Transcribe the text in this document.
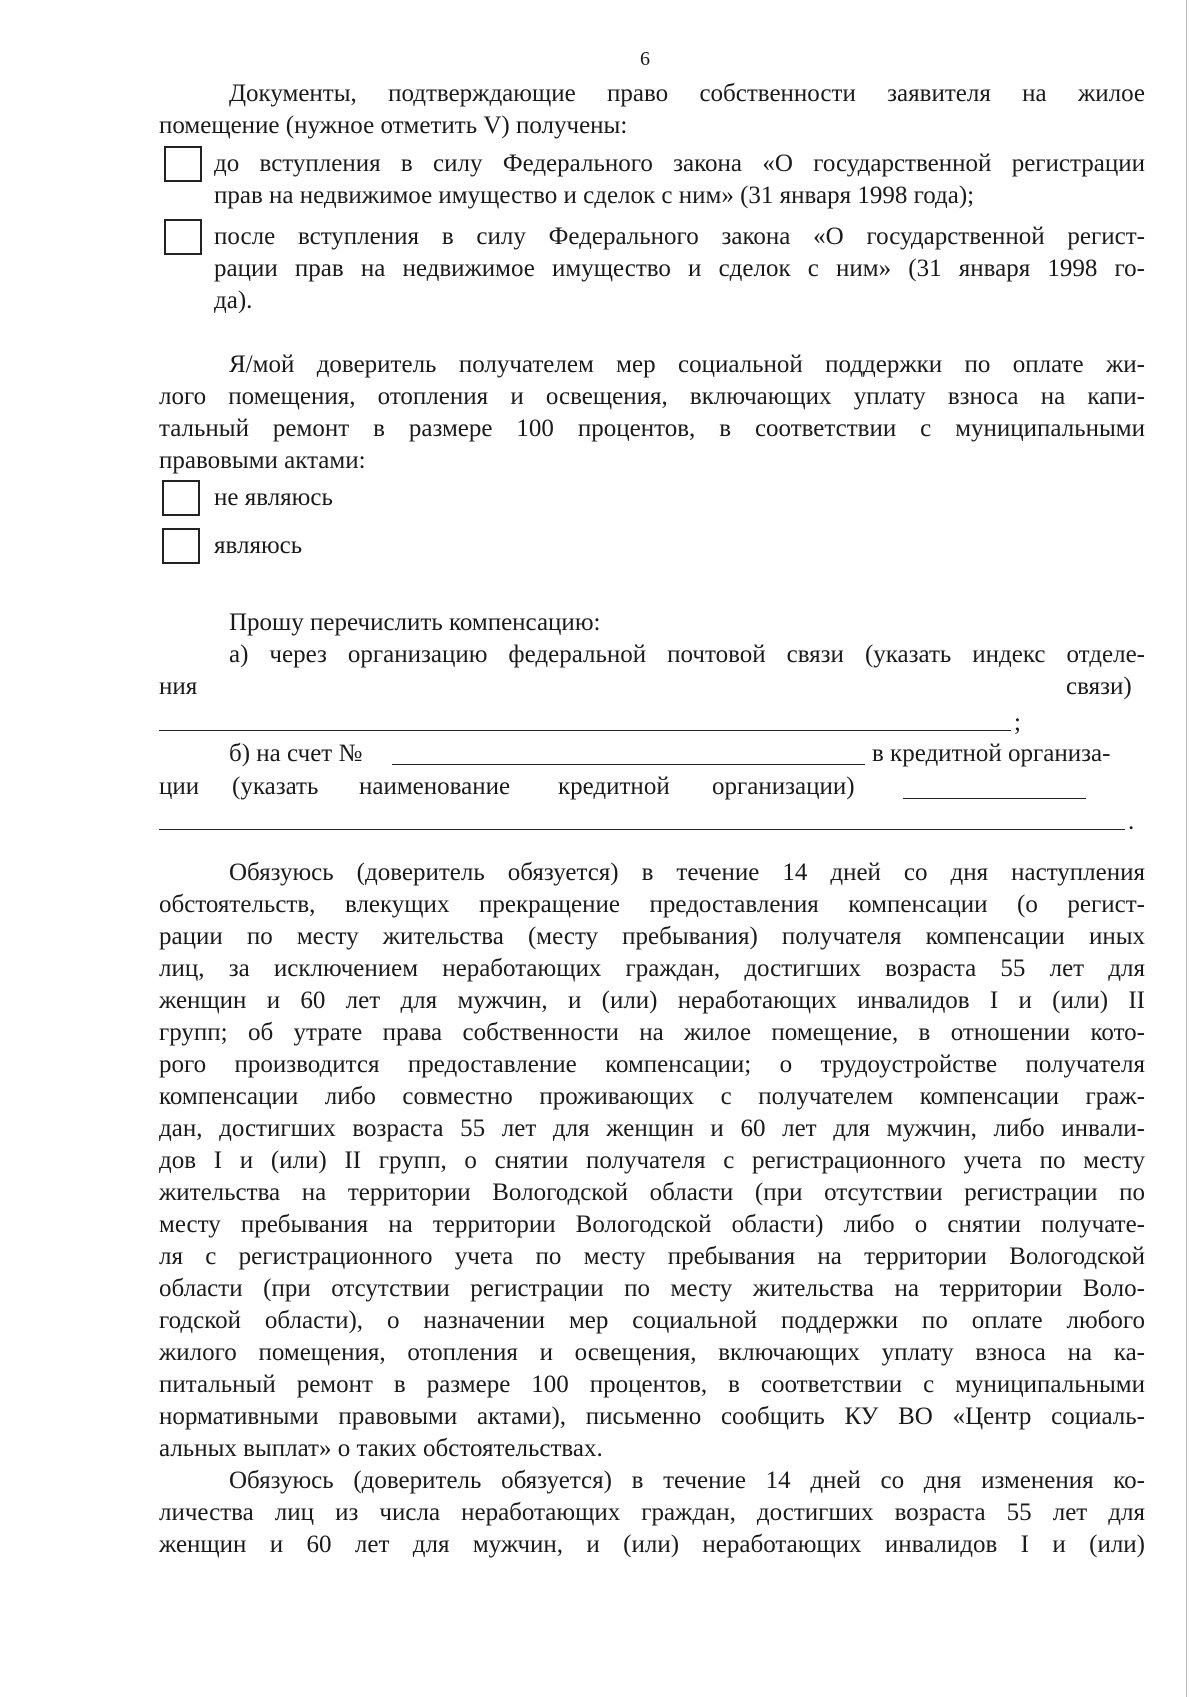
6
Документы, подтверждающие право собственности заявителя на жилое
помещение (нужное отметить V) получены:
до вступления в силу Федерального закона «О государственной регистрации
прав на недвижимое имущество и сделок с ним» (31 января 1998 года);
после вступления в силу Федерального закона «О государственной регист-
рации прав на недвижимое имущество и сделок с ним» (31 января 1998 го-
да).
Я/мой доверитель получателем мер социальной поддержки по оплате жи-
лого помещения, отопления и освещения, включающих уплату взноса на капи-
тальный ремонт в размере 100 процентов, в соответствии с муниципальными
правовыми актами:
не являюсь
являюсь
Прошу перечислить компенсацию:
а) через организацию федеральной почтовой связи (указать индекс отделе-
ния	связи)
;
б) на счет №	в кредитной организа-
ции (указать наименование кредитной организации)
.
Обязуюсь (доверитель обязуется) в течение 14 дней со дня наступления
обстоятельств, влекущих прекращение предоставления компенсации (о регист-
рации по месту жительства (месту пребывания) получателя компенсации иных
лиц, за исключением неработающих граждан, достигших возраста 55 лет для
женщин и 60 лет для мужчин, и (или) неработающих инвалидов I и (или) II
групп; об утрате права собственности на жилое помещение, в отношении кото-
рого производится предоставление компенсации; о трудоустройстве получателя
компенсации либо совместно проживающих с получателем компенсации граж-
дан, достигших возраста 55 лет для женщин и 60 лет для мужчин, либо инвали-
дов I и (или) II групп, о снятии получателя с регистрационного учета по месту
жительства на территории Вологодской области (при отсутствии регистрации по
месту пребывания на территории Вологодской области) либо о снятии получате-
ля с регистрационного учета по месту пребывания на территории Вологодской
области (при отсутствии регистрации по месту жительства на территории Воло-
годской области), о назначении мер социальной поддержки по оплате любого
жилого помещения, отопления и освещения, включающих уплату взноса на ка-
питальный ремонт в размере 100 процентов, в соответствии с муниципальными
нормативными правовыми актами), письменно сообщить КУ ВО «Центр социаль-
альных выплат» о таких обстоятельствах.
Обязуюсь (доверитель обязуется) в течение 14 дней со дня изменения ко-
личества лиц из числа неработающих граждан, достигших возраста 55 лет для
женщин и 60 лет для мужчин, и (или) неработающих инвалидов I и (или)
